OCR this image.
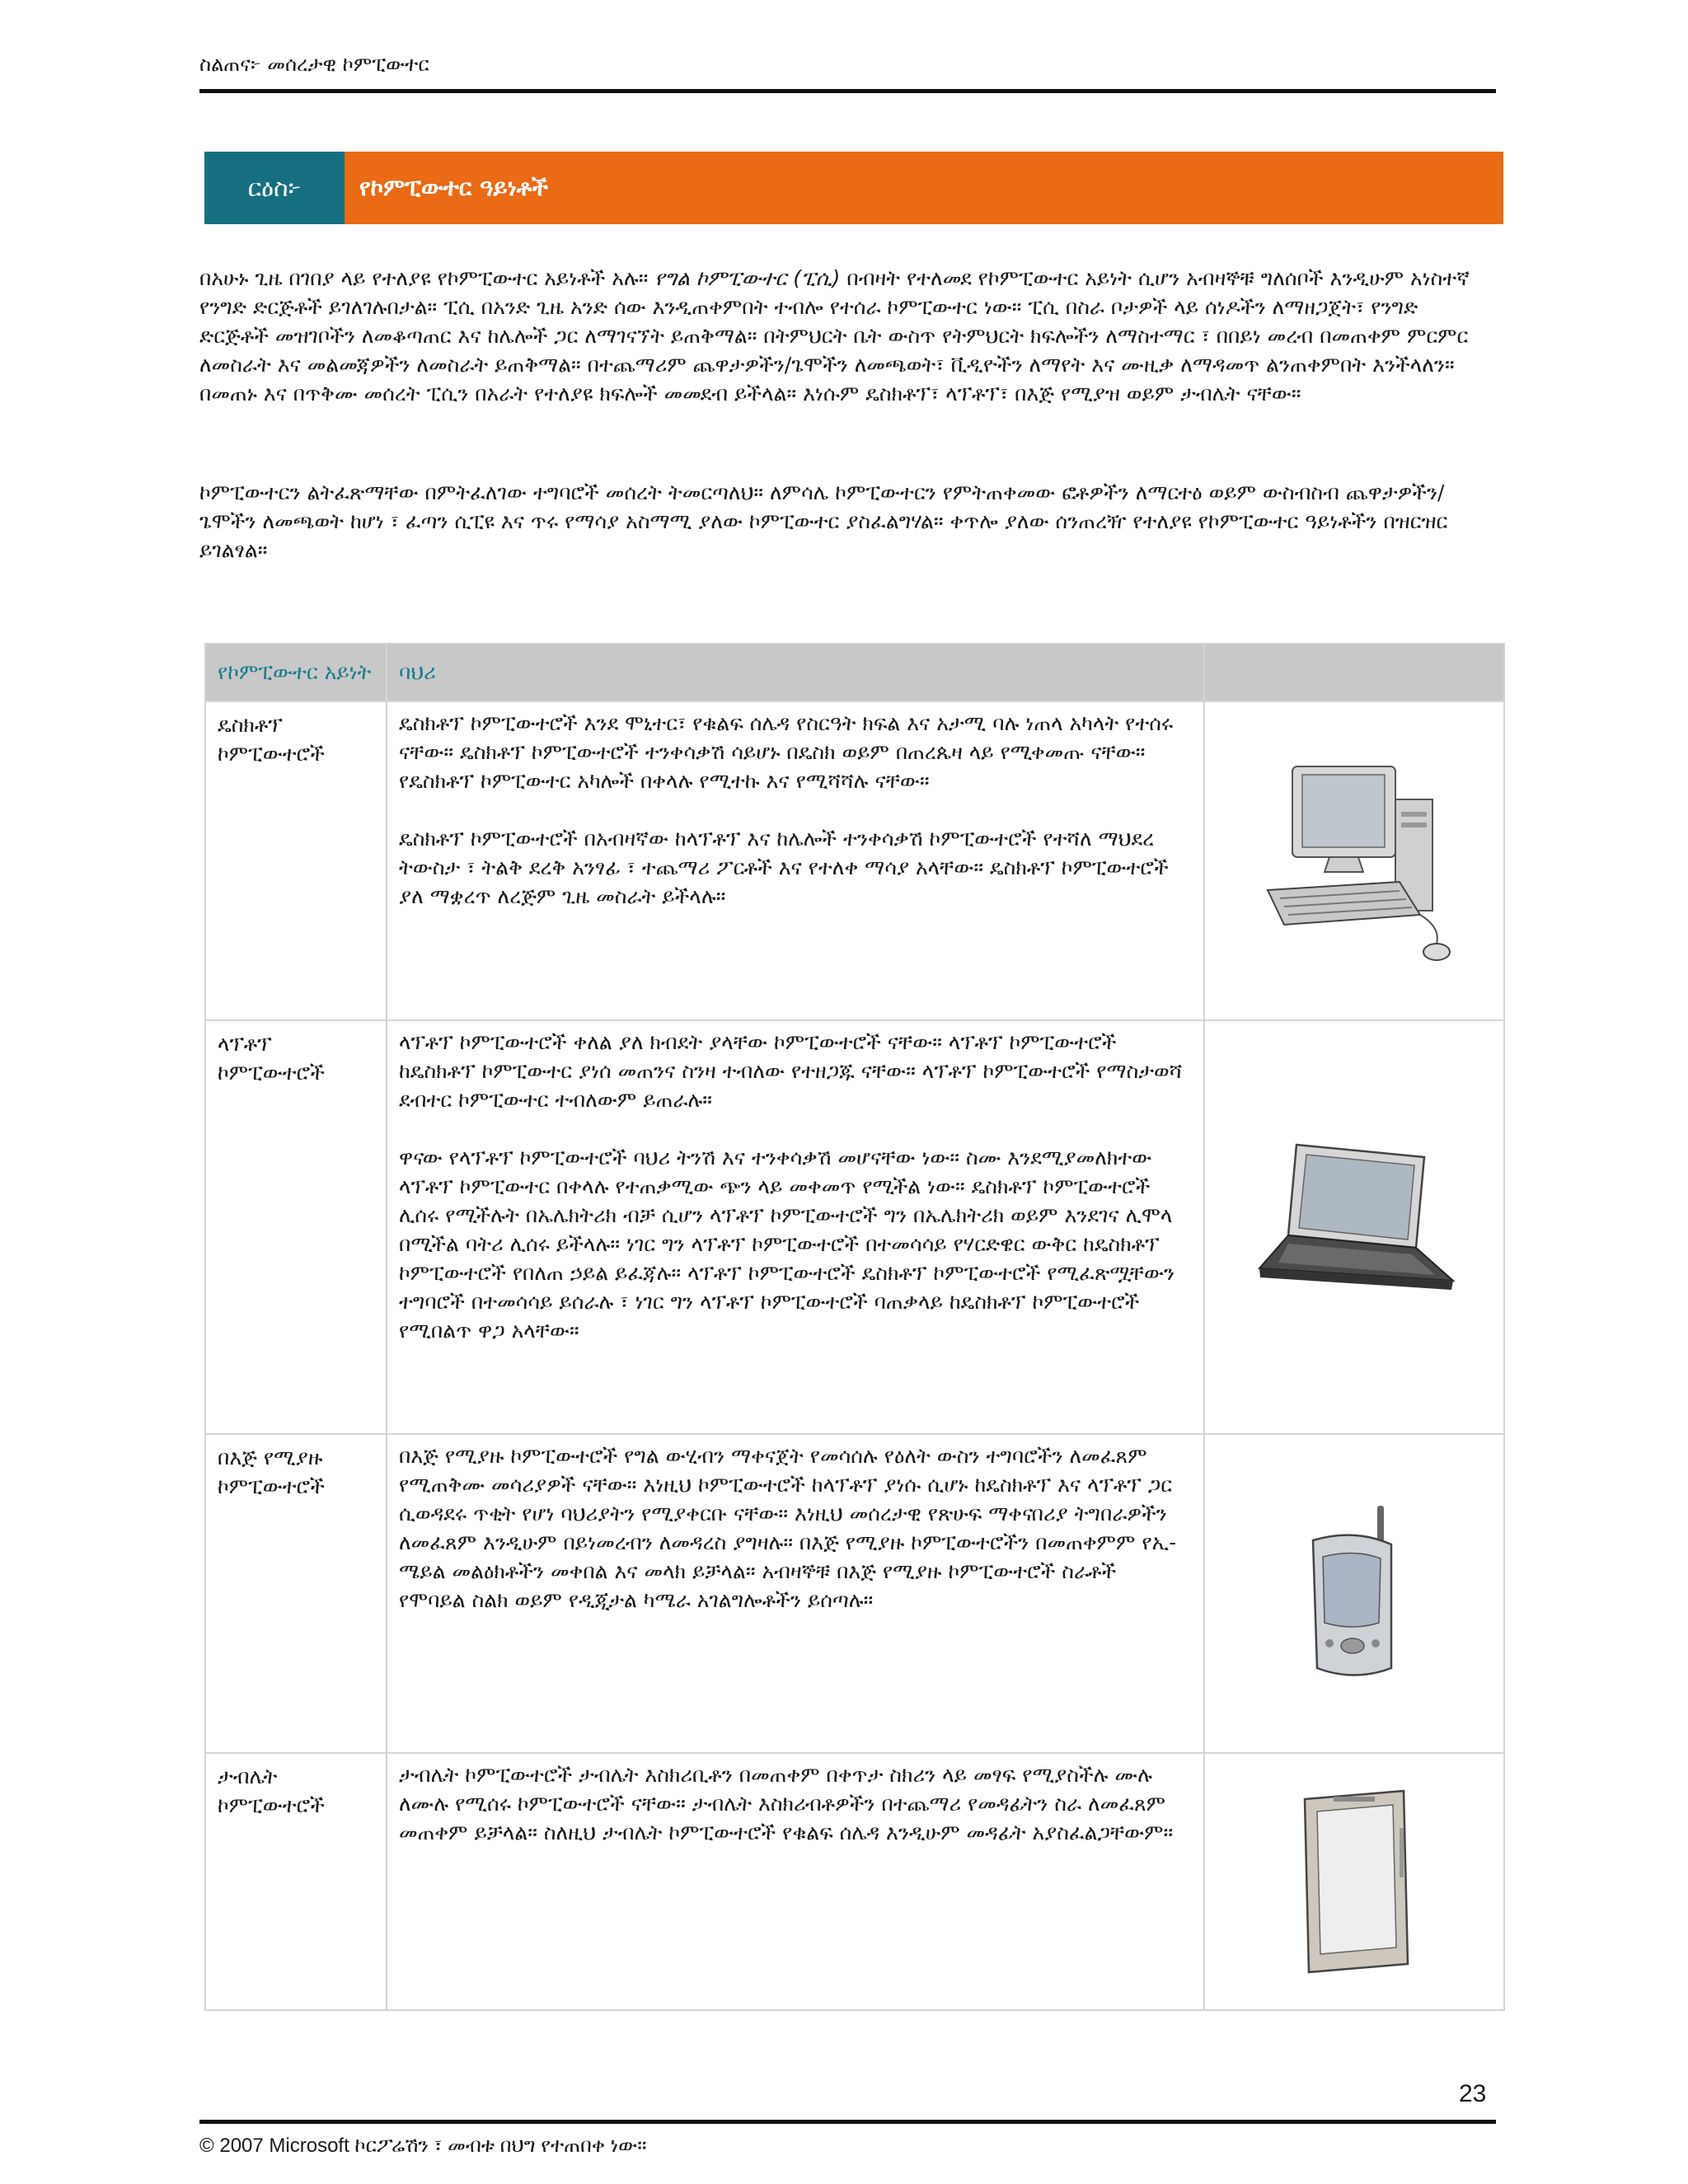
ስልጠና፦ መሰረታዊ ኮምፒውተር
ርዕስ፦	የኮምፒውተር ዓይነቶች

በአሁኑ ጊዜ በገበያ ላይ የተለያዩ የኮምፒውተር አይነቶች አሉ። የግል ኮምፒውተር (ፒሲ) በብዛት የተለመደ የኮምፒውተር አይነት ሲሆን አብዛኞቹ ግለሰቦች እንዲሁም አነስተኛ የንግድ ድርጅቶች ይገለገሉበታል። ፒሲ በአንድ ጊዜ አንድ ሰው እንዲጠቀምበት ተብሎ የተሰራ ኮምፒውተር ነው። ፒሲ በስራ ቦታዎች ላይ ሰነዶችን ለማዘጋጀት፣ የንግድ ድርጅቶች መዝገቦችን ለመቆጣጠር እና ከሌሎች ጋር ለማገናኘት ይጠቅማል። በትምህርት ቤት ውስጥ የትምህርት ክፍሎችን ለማስተማር ፣ በበይነ መረብ በመጠቀም ምርምር ለመስራት እና መልመጃዎችን ለመስራት ይጠቅማል። በተጨማሪም ጨዋታዎችን/ጌሞችን ለመጫወት፣ ቪዲዮችን ለማየት እና ሙዚቃ ለማዳመጥ ልንጠቀምበት እንችላለን። በመጠኑ እና በጥቅሙ መሰረት ፒሲን በአራት የተለያዩ ክፍሎች መመደብ ይችላል። እነሱም ዴስክቶፕ፣ ላፕቶፕ፣ በእጅ የሚያዝ ወይም ታብሌት ናቸው።

ኮምፒውተርን ልትፈጽማቸው በምትፈለገው ተግባሮች መሰረት ትመርጣለህ። ለምሳሌ ኮምፒውተርን የምትጠቀመው ፎቶዎችን ለማርተዕ ወይም ውስብስብ ጨዋታዎችን/ጌሞችን ለመጫወት ከሆነ ፣ ፈጣን ሲፒዩ እና ጥሩ የማሳያ አስማሚ ያለው ኮምፒውተር ያስፈልግሃል። ቀጥሎ ያለው ሰንጠረዥ የተለያዩ የኮምፒውተር ዓይነቶችን በዝርዝር ይገልፃል።

የኮምፒውተር አይነት	ባህሪ	
ዴስክቶፕ ኮምፒውተሮች	ዴስክቶፕ ኮምፒውተሮች እንደ ሞኒተር፣ የቁልፍ ሰሌዳ የስርዓት ክፍል እና አታሚ ባሉ ነጠላ አካላት የተሰሩ ናቸው። ዴስክቶፕ ኮምፒውተሮች ተንቀሳቃሽ ሳይሆኑ በዴስክ ወይም በጠረጴዛ ላይ የሚቀመጡ ናቸው። የዴስክቶፕ ኮምፒውተር አካሎች በቀላሉ የሚተኩ እና የሚሻሻሉ ናቸው።

ዴስክቶፕ ኮምፒውተሮች በአብዛኛው ከላፕቶፕ እና ከሌሎች ተንቀሳቃሽ ኮምፒውተሮች የተሻለ ማህደረ ትውስታ ፣ ትልቅ ደረቅ አንፃፊ ፣ ተጨማሪ ፖርቶች እና የተለቀ ማሳያ አላቸው። ዴስክቶፕ ኮምፒውተሮች ያለ ማቋረጥ ለረጅም ጊዜ መስራት ይችላሉ።

ላፕቶፕ ኮምፒውተሮች	ላፕቶፕ ኮምፒውተሮች ቀለል ያለ ክብደት ያላቸው ኮምፒውተሮች ናቸው። ላፕቶፕ ኮምፒውተሮች ከዴስክቶፕ ኮምፒውተር ያነሰ መጠንና ስንዛ ተብለው የተዘጋጁ ናቸው። ላፕቶፕ ኮምፒውተሮች የማስታወሻ ደብተር ኮምፒውተር ተብለውም ይጠራሉ።

ዋናው የላፕቶፕ ኮምፒውተሮች ባህሪ ትንሽ እና ተንቀሳቃሽ መሆናቸው ነው። ስሙ እንደሚያመለክተው ላፕቶፕ ኮምፒውተር በቀላሉ የተጠቃሚው ጭን ላይ መቀመጥ የሚችል ነው። ዴስክቶፕ ኮምፒውተሮች ሊሰሩ የሚችሉት በኤሌክትሪክ ብቻ ሲሆን ላፕቶፕ ኮምፒውተሮች ግን በኤሌክትሪክ ወይም እንደገና ሊሞላ በሚችል ባትሪ ሊሰሩ ይችላሉ። ነገር ግን ላፕቶፕ ኮምፒውተሮች በተመሳሳይ የሃርድዌር ውቅር ከዴስክቶፕ ኮምፒውተሮች የበለጠ ኃይል ይፈጃሉ። ላፕቶፕ ኮምፒውተሮች ዴስክቶፕ ኮምፒውተሮች የሚፈጽሟቸውን ተግባሮች በተመሳሳይ ይሰራሉ ፣ ነገር ግን ላፕቶፕ ኮምፒውተሮች ባጠቃላይ ከዴስክቶፕ ኮምፒውተሮች የሚበልጥ ዋጋ አላቸው።

በእጅ የሚያዙ ኮምፒውተሮች	በእጅ የሚያዙ ኮምፒውተሮች የግል ውሂብን ማቀናጀት የመሳሰሉ የዕለት ውስን ተግባሮችን ለመፈጸም የሚጠቅሙ መሳሪያዎች ናቸው። እነዚህ ኮምፒውተሮች ከላፕቶፕ ያነሱ ሲሆኑ ከዴስክቶፕ እና ላፕቶፕ ጋር ሲወዳደሩ ጥቂት የሆነ ባህሪያትን የሚያቀርቡ ናቸው። እነዚህ መሰረታዊ የጽሁፍ ማቀናበሪያ ትግበራዎችን ለመፈጸም እንዲሁም በይነመረብን ለመዳረስ ያግዛሉ። በእጅ የሚያዙ ኮምፒውተሮችን በመጠቀምም የኢ-ሜይል መልዕክቶችን መቀበል እና መላክ ይቻላል። አብዛኞቹ በእጅ የሚያዙ ኮምፒውተሮች ስራቶች የሞባይል ስልክ ወይም የዲጂታል ካሜራ አገልግሎቶችን ይሰጣሉ።

ታብሌት ኮምፒውተሮች	ታብሌት ኮምፒውተሮች ታብሌት እስክሪቢቶን በመጠቀም በቀጥታ ስክሪን ላይ መፃፍ የሚያስችሉ ሙሉ ለሙሉ የሚሰሩ ኮምፒውተሮች ናቸው። ታብሌት እስክሪብቶዎችን በተጨማሪ የመዳፊትን ስራ ለመፈጸም መጠቀም ይቻላል። ስለዚህ ታብሌት ኮምፒውተሮች የቁልፍ ሰሌዳ እንዲሁም መዳፊት አያስፈልጋቸውም።

23
© 2007 Microsoft ኮርፖሬሽን ፣ መብቱ በህግ የተጠበቀ ነው።
